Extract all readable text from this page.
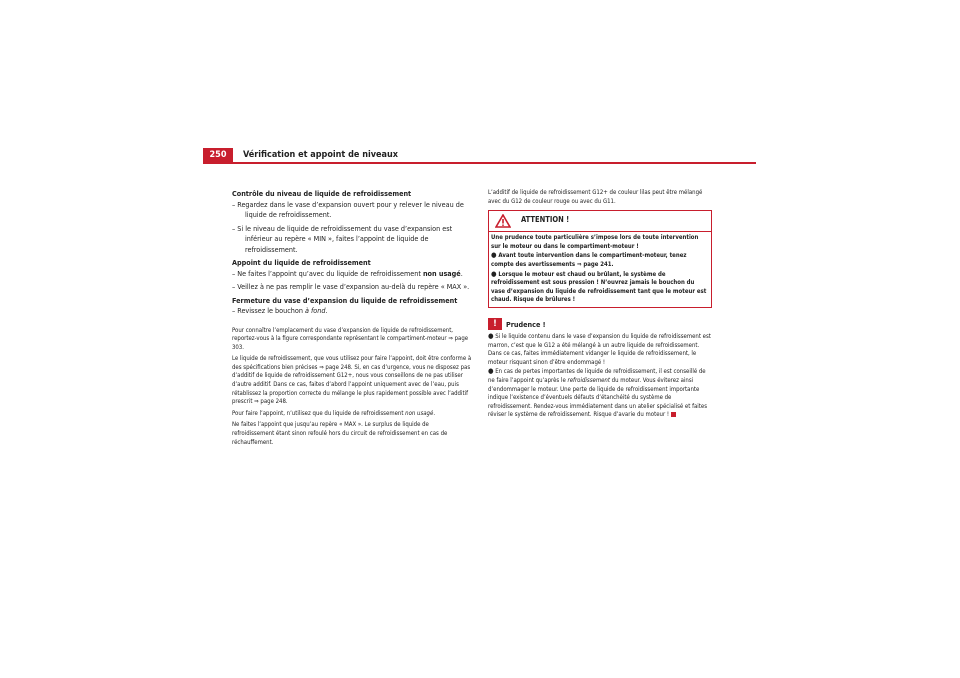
250	Vérification et appoint de niveaux

Contrôle du niveau de liquide de refroidissement

– Regardez dans le vase d’expansion ouvert pour y relever le niveau de liquide de refroidissement.

– Si le niveau de liquide de refroidissement du vase d’expansion est inférieur au repère « MIN », faites l’appoint de liquide de refroidissement.

Appoint du liquide de refroidissement

– Ne faites l’appoint qu’avec du liquide de refroidissement non usagé.

– Veillez à ne pas remplir le vase d’expansion au-delà du repère « MAX ».

Fermeture du vase d’expansion du liquide de refroidissement

– Revissez le bouchon à fond.

Pour connaître l’emplacement du vase d’expansion de liquide de refroidissement, reportez-vous à la figure correspondante représentant le compartiment-moteur ⇒ page 303.

Le liquide de refroidissement, que vous utilisez pour faire l’appoint, doit être conforme à des spécifications bien précises ⇒ page 248. Si, en cas d’urgence, vous ne disposez pas d’additif de liquide de refroidissement G12+, nous vous conseillons de ne pas utiliser d’autre additif. Dans ce cas, faites d’abord l’appoint uniquement avec de l’eau, puis rétablissez la proportion correcte du mélange le plus rapidement possible avec l’additif prescrit ⇒ page 248.

Pour faire l’appoint, n’utilisez que du liquide de refroidissement non usagé.

Ne faites l’appoint que jusqu’au repère « MAX ». Le surplus de liquide de refroidissement étant sinon refoulé hors du circuit de refroidissement en cas de réchauffement.

L’additif de liquide de refroidissement G12+ de couleur lilas peut être mélangé avec du G12 de couleur rouge ou avec du G11.

ATTENTION !

Une prudence toute particulière s’impose lors de toute intervention sur le moteur ou dans le compartiment-moteur !

● Avant toute intervention dans le compartiment-moteur, tenez compte des avertissements ⇒ page 241.

● Lorsque le moteur est chaud ou brûlant, le système de refroidissement est sous pression ! N’ouvrez jamais le bouchon du vase d’expansion du liquide de refroidissement tant que le moteur est chaud. Risque de brûlures !

!	Prudence !

● Si le liquide contenu dans le vase d’expansion du liquide de refroidissement est marron, c’est que le G12 a été mélangé à un autre liquide de refroidissement. Dans ce cas, faites immédiatement vidanger le liquide de refroidissement, le moteur risquant sinon d’être endommagé !

● En cas de pertes importantes de liquide de refroidissement, il est conseillé de ne faire l’appoint qu’après le refroidissement du moteur. Vous éviterez ainsi d’endommager le moteur. Une perte de liquide de refroidissement importante indique l’existence d’éventuels défauts d’étanchéité du système de refroidissement. Rendez-vous immédiatement dans un atelier spécialisé et faites réviser le système de refroidissement. Risque d’avarie du moteur !
